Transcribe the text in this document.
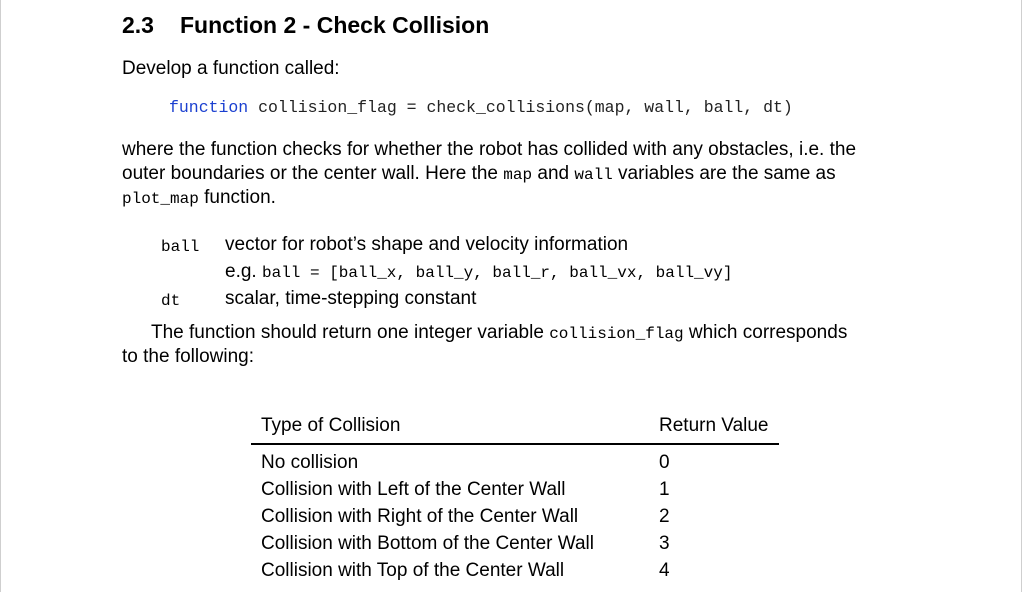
2.3 Function 2 - Check Collision
Develop a function called:
function collision_flag = check_collisions(map, wall, ball, dt)
where the function checks for whether the robot has collided with any obstacles, i.e. the
outer boundaries or the center wall. Here the map and wall variables are the same as
plot_map function.
ball vector for robot’s shape and velocity information
e.g. ball = [ball_x, ball_y, ball_r, ball_vx, ball_vy]
dt scalar, time-stepping constant
The function should return one integer variable collision_flag which corresponds
to the following:
Type of Collision	Return Value
No collision	0
Collision with Left of the Center Wall	1
Collision with Right of the Center Wall	2
Collision with Bottom of the Center Wall	3
Collision with Top of the Center Wall	4
